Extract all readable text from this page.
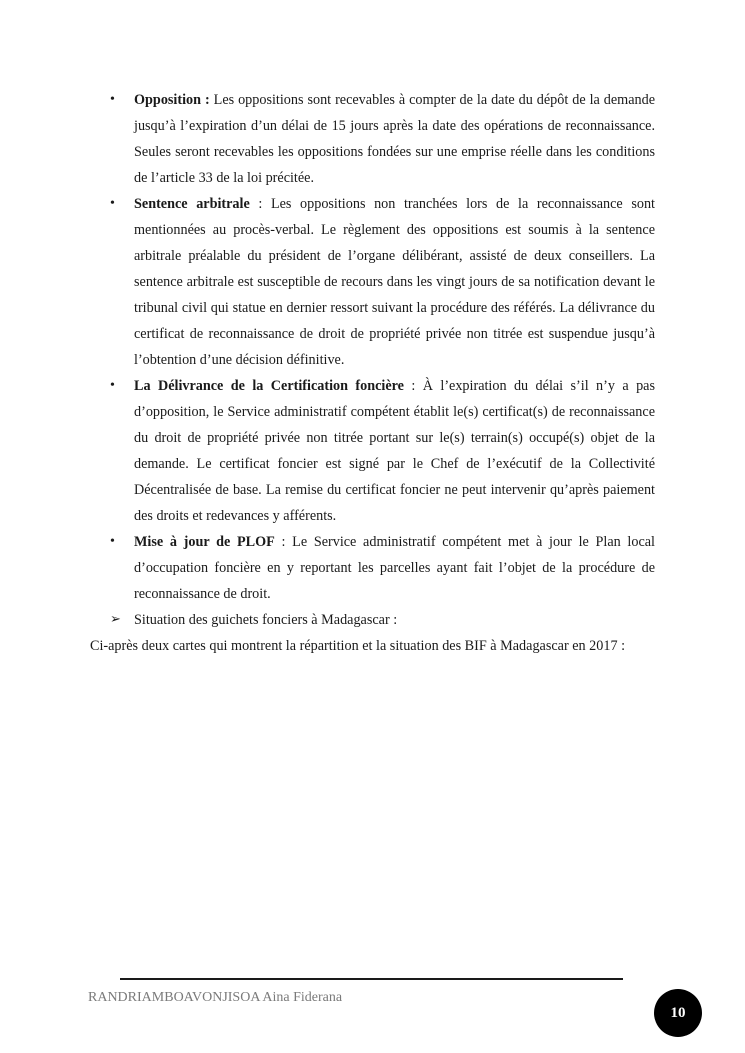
• Opposition : Les oppositions sont recevables à compter de la date du dépôt de la demande jusqu’à l’expiration d’un délai de 15 jours après la date des opérations de reconnaissance. Seules seront recevables les oppositions fondées sur une emprise réelle dans les conditions de l’article 33 de la loi précitée.

• Sentence arbitrale : Les oppositions non tranchées lors de la reconnaissance sont mentionnées au procès-verbal. Le règlement des oppositions est soumis à la sentence arbitrale préalable du président de l’organe délibérant, assisté de deux conseillers. La sentence arbitrale est susceptible de recours dans les vingt jours de sa notification devant le tribunal civil qui statue en dernier ressort suivant la procédure des référés. La délivrance du certificat de reconnaissance de droit de propriété privée non titrée est suspendue jusqu’à l’obtention d’une décision définitive.

• La Délivrance de la Certification foncière : À l’expiration du délai s’il n’y a pas d’opposition, le Service administratif compétent établit le(s) certificat(s) de reconnaissance du droit de propriété privée non titrée portant sur le(s) terrain(s) occupé(s) objet de la demande. Le certificat foncier est signé par le Chef de l’exécutif de la Collectivité Décentralisée de base. La remise du certificat foncier ne peut intervenir qu’après paiement des droits et redevances y afférents.

• Mise à jour de PLOF : Le Service administratif compétent met à jour le Plan local d’occupation foncière en y reportant les parcelles ayant fait l’objet de la procédure de reconnaissance de droit.

➢ Situation des guichets fonciers à Madagascar :

Ci-après deux cartes qui montrent la répartition et la situation des BIF à Madagascar en 2017 :

RANDRIAMBOAVONJISOA Aina Fiderana
10
